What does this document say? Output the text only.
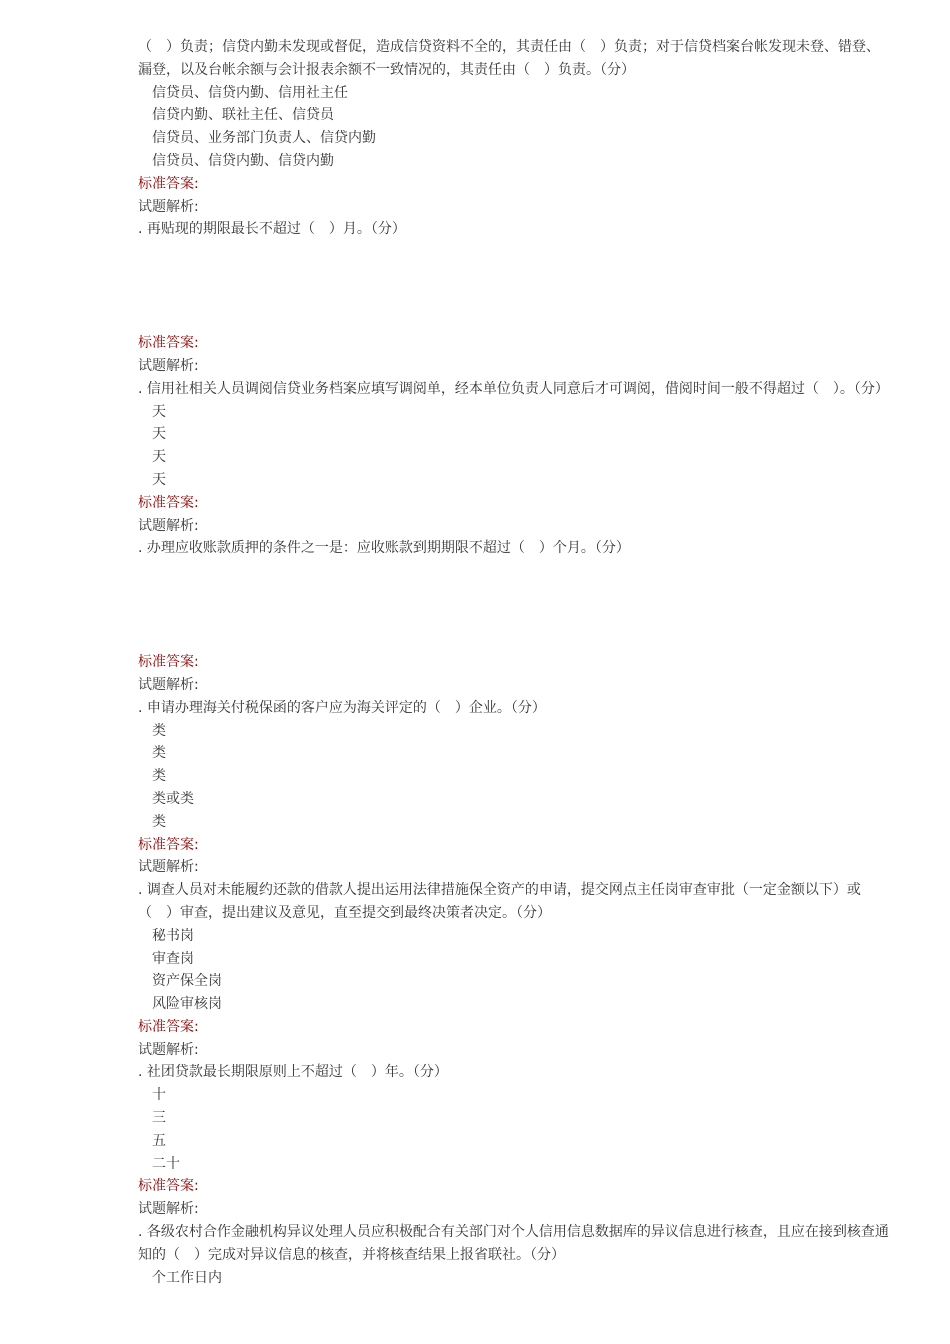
（　）负责；信贷内勤未发现或督促，造成信贷资料不全的，其责任由（　）负责；对于信贷档案台帐发现未登、错登、漏登，以及台帐余额与会计报表余额不一致情况的，其责任由（　）负责。（分）

信贷员、信贷内勤、信用社主任
信贷内勤、联社主任、信贷员
信贷员、业务部门负责人、信贷内勤
信贷员、信贷内勤、信贷内勤
标准答案:
试题解析:

. 再贴现的期限最长不超过（　）月。（分）

标准答案:
试题解析:

. 信用社相关人员调阅信贷业务档案应填写调阅单，经本单位负责人同意后才可调阅，借阅时间一般不得超过（　）。（分）

天
天
天
天
标准答案:
试题解析:

. 办理应收账款质押的条件之一是：应收账款到期期限不超过（　）个月。（分）

标准答案:
试题解析:

. 申请办理海关付税保函的客户应为海关评定的（　）企业。（分）

类
类
类
类或类
类
标准答案:
试题解析:

. 调查人员对未能履约还款的借款人提出运用法律措施保全资产的申请，提交网点主任岗审查审批（一定金额以下）或（　）审查，提出建议及意见，直至提交到最终决策者决定。（分）

秘书岗
审查岗
资产保全岗
风险审核岗
标准答案:
试题解析:

. 社团贷款最长期限原则上不超过（　）年。（分）

十
三
五
二十
标准答案:
试题解析:

. 各级农村合作金融机构异议处理人员应积极配合有关部门对个人信用信息数据库的异议信息进行核查，且应在接到核查通知的（　）完成对异议信息的核查，并将核查结果上报省联社。（分）

个工作日内
